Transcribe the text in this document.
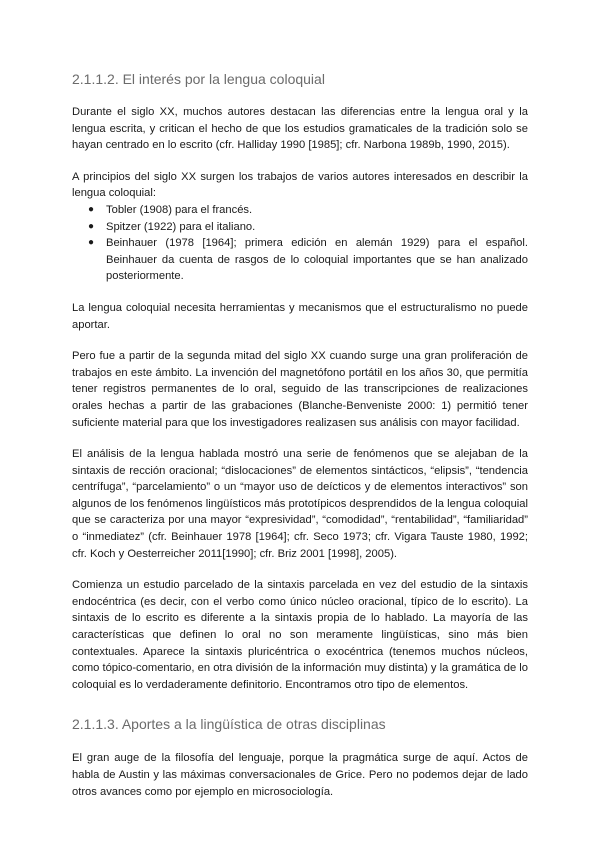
2.1.1.2. El interés por la lengua coloquial

Durante el siglo XX, muchos autores destacan las diferencias entre la lengua oral y la lengua escrita, y critican el hecho de que los estudios gramaticales de la tradición solo se hayan centrado en lo escrito (cfr. Halliday 1990 [1985]; cfr. Narbona 1989b, 1990, 2015).

A principios del siglo XX surgen los trabajos de varios autores interesados en describir la lengua coloquial:

● Tobler (1908) para el francés.
● Spitzer (1922) para el italiano.
● Beinhauer (1978 [1964]; primera edición en alemán 1929) para el español. Beinhauer da cuenta de rasgos de lo coloquial importantes que se han analizado posteriormente.

La lengua coloquial necesita herramientas y mecanismos que el estructuralismo no puede aportar.

Pero fue a partir de la segunda mitad del siglo XX cuando surge una gran proliferación de trabajos en este ámbito. La invención del magnetófono portátil en los años 30, que permitía tener registros permanentes de lo oral, seguido de las transcripciones de realizaciones orales hechas a partir de las grabaciones (Blanche-Benveniste 2000: 1) permitió tener suficiente material para que los investigadores realizasen sus análisis con mayor facilidad.

El análisis de la lengua hablada mostró una serie de fenómenos que se alejaban de la sintaxis de rección oracional; “dislocaciones” de elementos sintácticos, “elipsis”, “tendencia centrífuga”, “parcelamiento” o un “mayor uso de deícticos y de elementos interactivos” son algunos de los fenómenos lingüísticos más prototípicos desprendidos de la lengua coloquial que se caracteriza por una mayor “expresividad”, “comodidad”, “rentabilidad”, “familiaridad” o “inmediatez” (cfr. Beinhauer 1978 [1964]; cfr. Seco 1973; cfr. Vigara Tauste 1980, 1992; cfr. Koch y Oesterreicher 2011[1990]; cfr. Briz 2001 [1998], 2005).

Comienza un estudio parcelado de la sintaxis parcelada en vez del estudio de la sintaxis endocéntrica (es decir, con el verbo como único núcleo oracional, típico de lo escrito). La sintaxis de lo escrito es diferente a la sintaxis propia de lo hablado. La mayoría de las características que definen lo oral no son meramente lingüísticas, sino más bien contextuales. Aparece la sintaxis pluricéntrica o exocéntrica (tenemos muchos núcleos, como tópico-comentario, en otra división de la información muy distinta) y la gramática de lo coloquial es lo verdaderamente definitorio. Encontramos otro tipo de elementos.

2.1.1.3. Aportes a la lingüística de otras disciplinas

El gran auge de la filosofía del lenguaje, porque la pragmática surge de aquí. Actos de habla de Austin y las máximas conversacionales de Grice. Pero no podemos dejar de lado otros avances como por ejemplo en microsociología.
